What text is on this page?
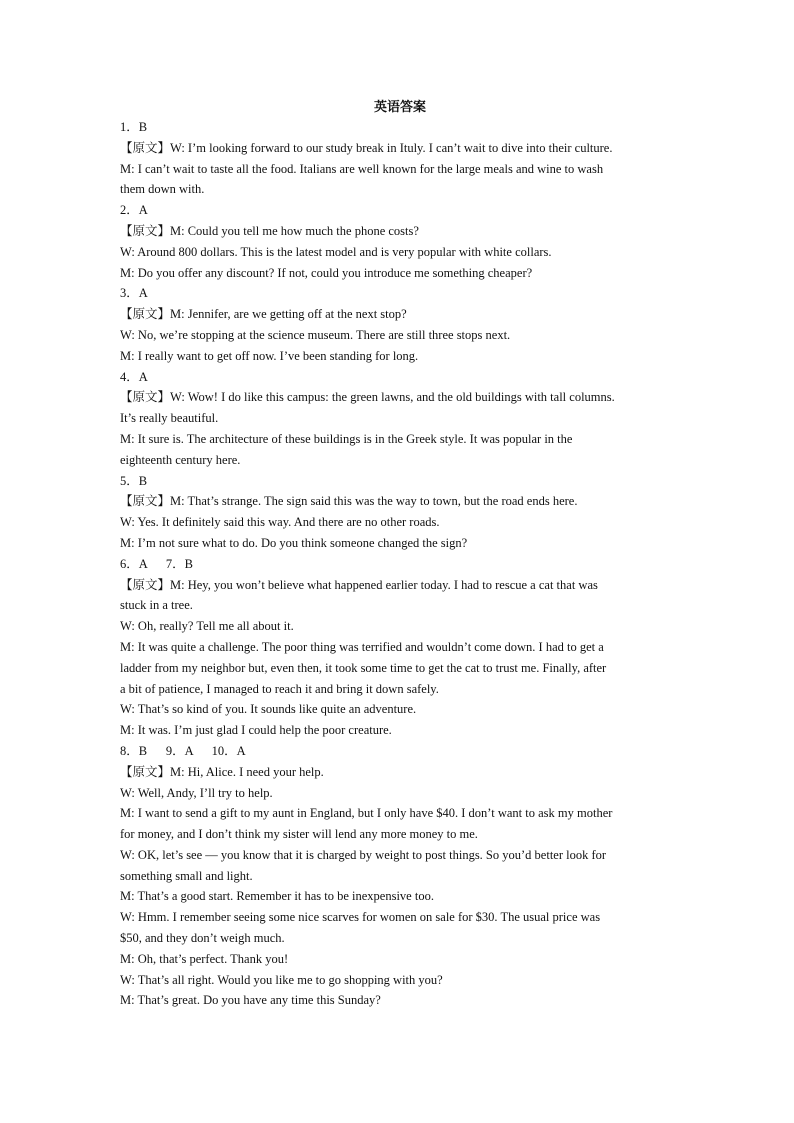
英语答案

1．B

【原文】W: I’m looking forward to our study break in Ituly. I can’t wait to dive into their culture.

M: I can’t wait to taste all the food. Italians are well known for the large meals and wine to wash

them down with.

2．A

【原文】M: Could you tell me how much the phone costs?

W: Around 800 dollars. This is the latest model and is very popular with white collars.

M: Do you offer any discount? If not, could you introduce me something cheaper?

3．A

【原文】M: Jennifer, are we getting off at the next stop?

W: No, we’re stopping at the science museum. There are still three stops next.

M: I really want to get off now. I’ve been standing for long.

4．A

【原文】W: Wow! I do like this campus: the green lawns, and the old buildings with tall columns.

It’s really beautiful.

M: It sure is. The architecture of these buildings is in the Greek style. It was popular in the

eighteenth century here.

5．B

【原文】M: That’s strange. The sign said this was the way to town, but the road ends here.

W: Yes. It definitely said this way. And there are no other roads.

M: I’m not sure what to do. Do you think someone changed the sign?

6．A      7．B

【原文】M: Hey, you won’t believe what happened earlier today. I had to rescue a cat that was

stuck in a tree.

W: Oh, really? Tell me all about it.

M: It was quite a challenge. The poor thing was terrified and wouldn’t come down. I had to get a

ladder from my neighbor but, even then, it took some time to get the cat to trust me. Finally, after

a bit of patience, I managed to reach it and bring it down safely.

W: That’s so kind of you. It sounds like quite an adventure.

M: It was. I’m just glad I could help the poor creature.

8．B      9．A      10．A

【原文】M: Hi, Alice. I need your help.

W: Well, Andy, I’ll try to help.

M: I want to send a gift to my aunt in England, but I only have $40. I don’t want to ask my mother

for money, and I don’t think my sister will lend any more money to me.

W: OK, let’s see — you know that it is charged by weight to post things. So you’d better look for

something small and light.

M: That’s a good start. Remember it has to be inexpensive too.

W: Hmm. I remember seeing some nice scarves for women on sale for $30. The usual price was

$50, and they don’t weigh much.

M: Oh, that’s perfect. Thank you!

W: That’s all right. Would you like me to go shopping with you?

M: That’s great. Do you have any time this Sunday?
